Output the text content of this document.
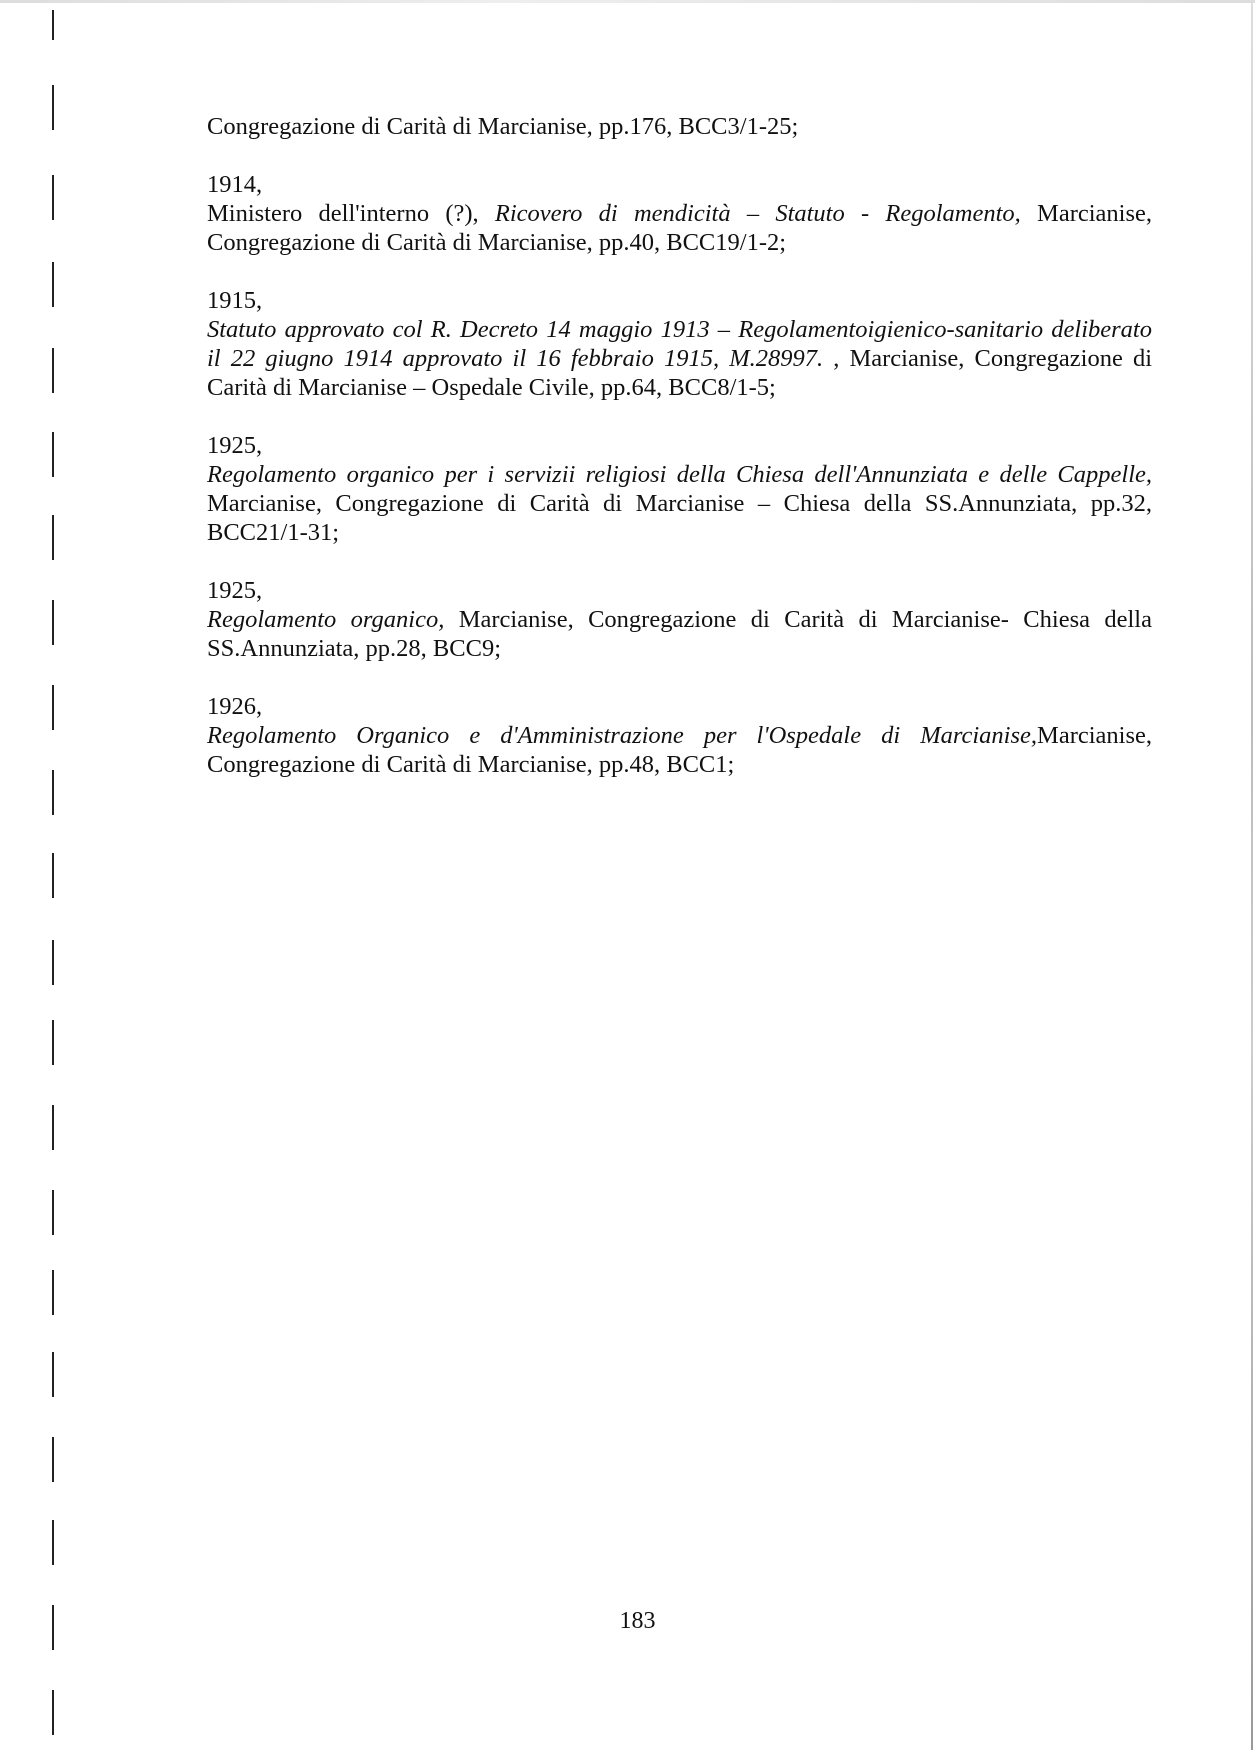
Congregazione di Carità di Marcianise, pp.176, BCC3/1-25;
1914,
Ministero dell'interno (?), Ricovero di mendicità – Statuto - Regolamento, Marcianise,
Congregazione di Carità di Marcianise, pp.40, BCC19/1-2;
1915,
Statuto approvato col R. Decreto 14 maggio 1913 – Regolamentoigienico-sanitario deliberato
il 22 giugno 1914 approvato il 16 febbraio 1915, M.28997. , Marcianise, Congregazione di
Carità di Marcianise – Ospedale Civile, pp.64, BCC8/1-5;
1925,
Regolamento organico per i servizii religiosi della Chiesa dell'Annunziata e delle Cappelle,
Marcianise, Congregazione di Carità di Marcianise – Chiesa della SS.Annunziata, pp.32,
BCC21/1-31;
1925,
Regolamento organico, Marcianise, Congregazione di Carità di Marcianise- Chiesa della
SS.Annunziata, pp.28, BCC9;
1926,
Regolamento Organico e d'Amministrazione per l'Ospedale di Marcianise,Marcianise,
Congregazione di Carità di Marcianise, pp.48, BCC1;
183
